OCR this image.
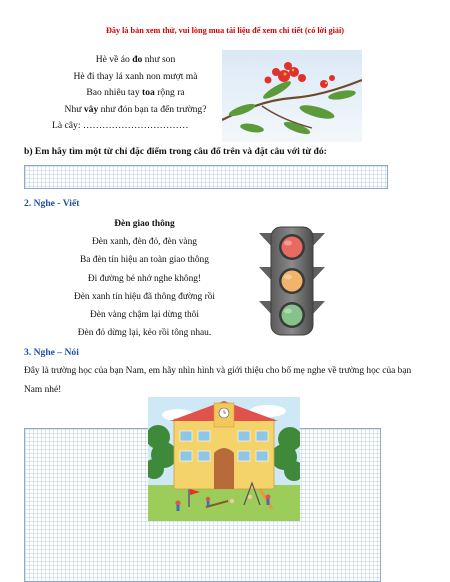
Đây là bản xem thử, vui lòng mua tài liệu để xem chi tiết (có lời giải)
Hè về áo đo như son
Hè đi thay lá xanh non mượt mà
Bao nhiêu tay toa rộng ra
Như vây như đón bạn ta đến trường?
Là cây: ……………………………
b) Em hãy tìm một từ chỉ đặc điểm trong câu đố trên và đặt câu với từ đó:
2. Nghe - Viết
Đèn giao thông
Đèn xanh, đèn đỏ, đèn vàng
Ba đèn tín hiệu an toàn giao thông
Đi đường bé nhớ nghe không!
Đèn xanh tín hiệu đã thông đường rồi
Đèn vàng chậm lại dừng thôi
Đèn đỏ dừng lại, kẻo rồi tông nhau.
3. Nghe – Nói
Đây là trường học của bạn Nam, em hãy nhìn hình và giới thiệu cho bố mẹ nghe về trường học của bạn Nam nhé!
